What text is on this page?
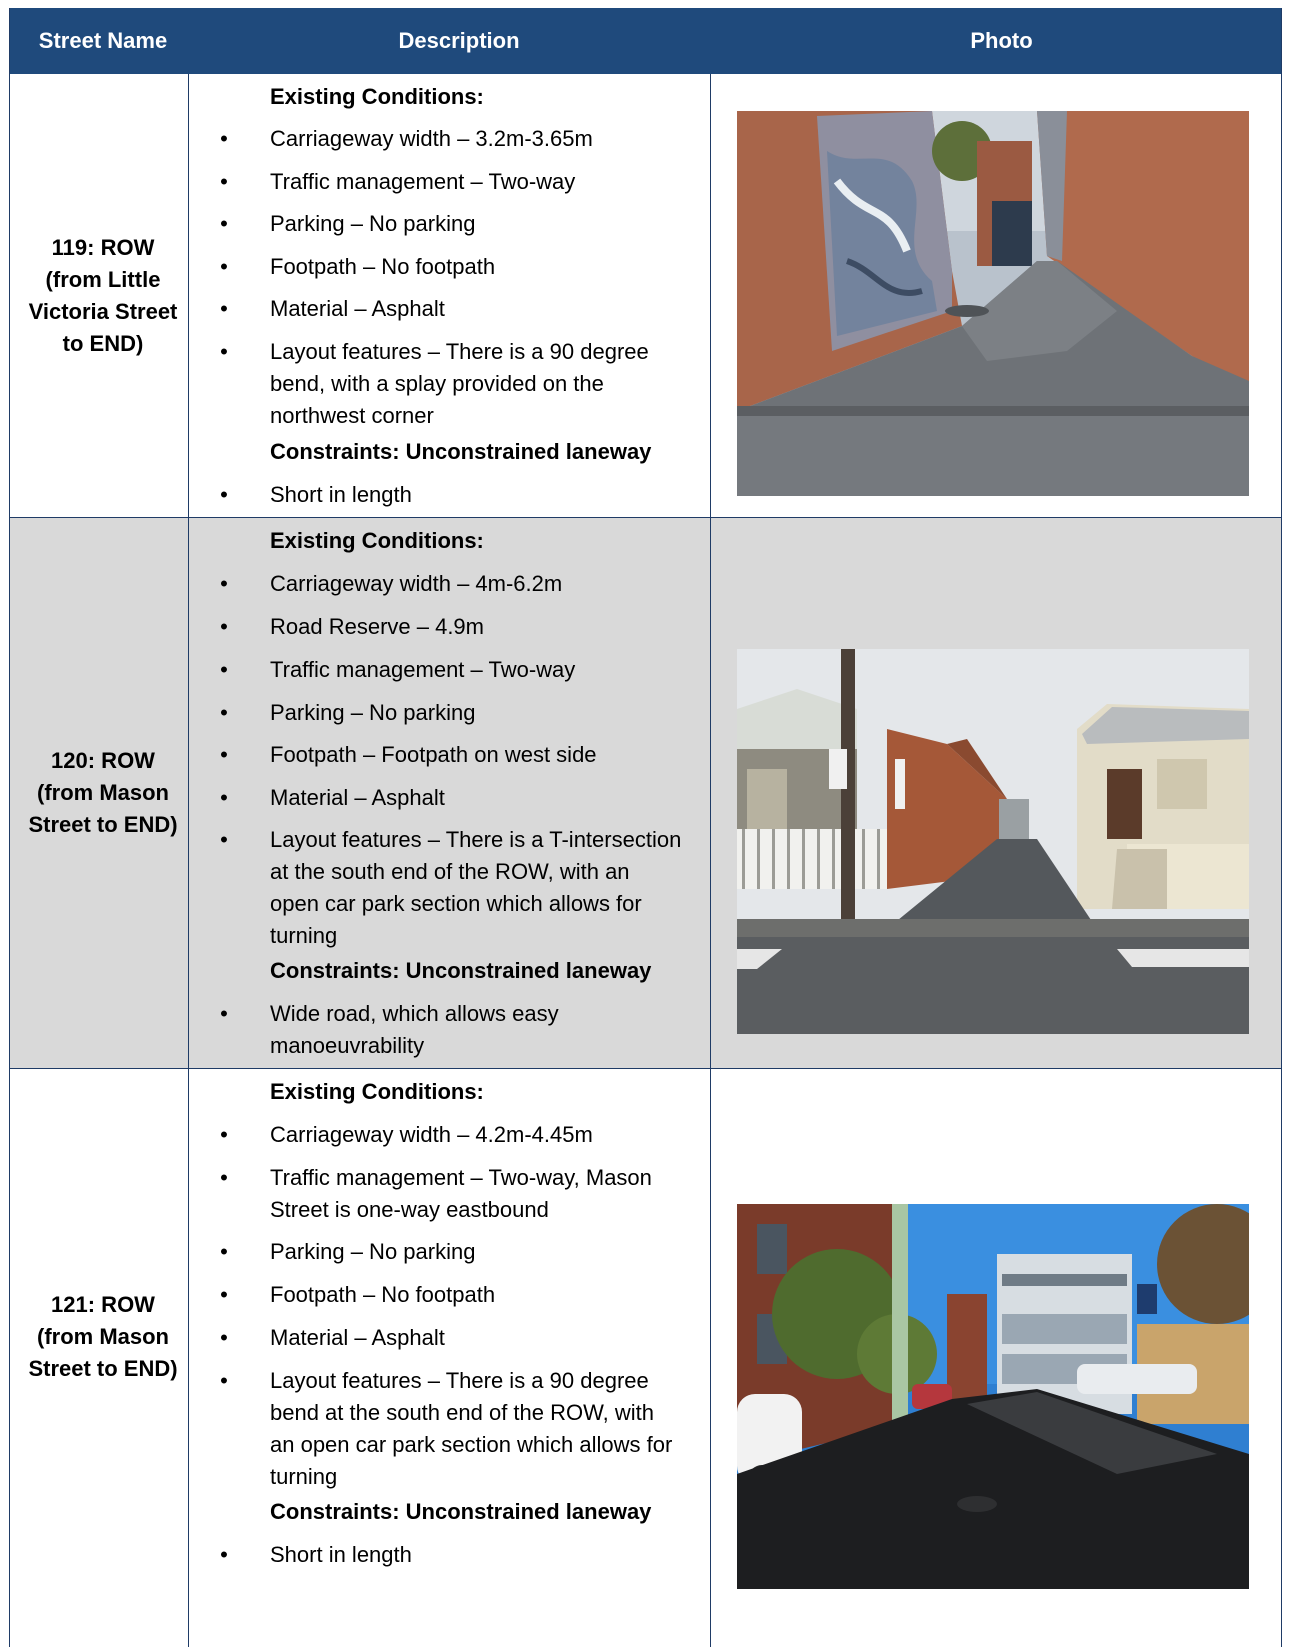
Street Name	Description	Photo
119: ROW
(from Little
Victoria Street
to END)
Existing Conditions:
• Carriageway width – 3.2m-3.65m
• Traffic management – Two-way
• Parking – No parking
• Footpath – No footpath
• Material – Asphalt
• Layout features – There is a 90 degree
bend, with a splay provided on the
northwest corner
Constraints: Unconstrained laneway
• Short in length
120: ROW
(from Mason
Street to END)
Existing Conditions:
• Carriageway width – 4m-6.2m
• Road Reserve – 4.9m
• Traffic management – Two-way
• Parking – No parking
• Footpath – Footpath on west side
• Material – Asphalt
• Layout features – There is a T-intersection
at the south end of the ROW, with an
open car park section which allows for
turning
Constraints: Unconstrained laneway
• Wide road, which allows easy
manoeuvrability
121: ROW
(from Mason
Street to END)
Existing Conditions:
• Carriageway width – 4.2m-4.45m
• Traffic management – Two-way, Mason
Street is one-way eastbound
• Parking – No parking
• Footpath – No footpath
• Material – Asphalt
• Layout features – There is a 90 degree
bend at the south end of the ROW, with
an open car park section which allows for
turning
Constraints: Unconstrained laneway
• Short in length
